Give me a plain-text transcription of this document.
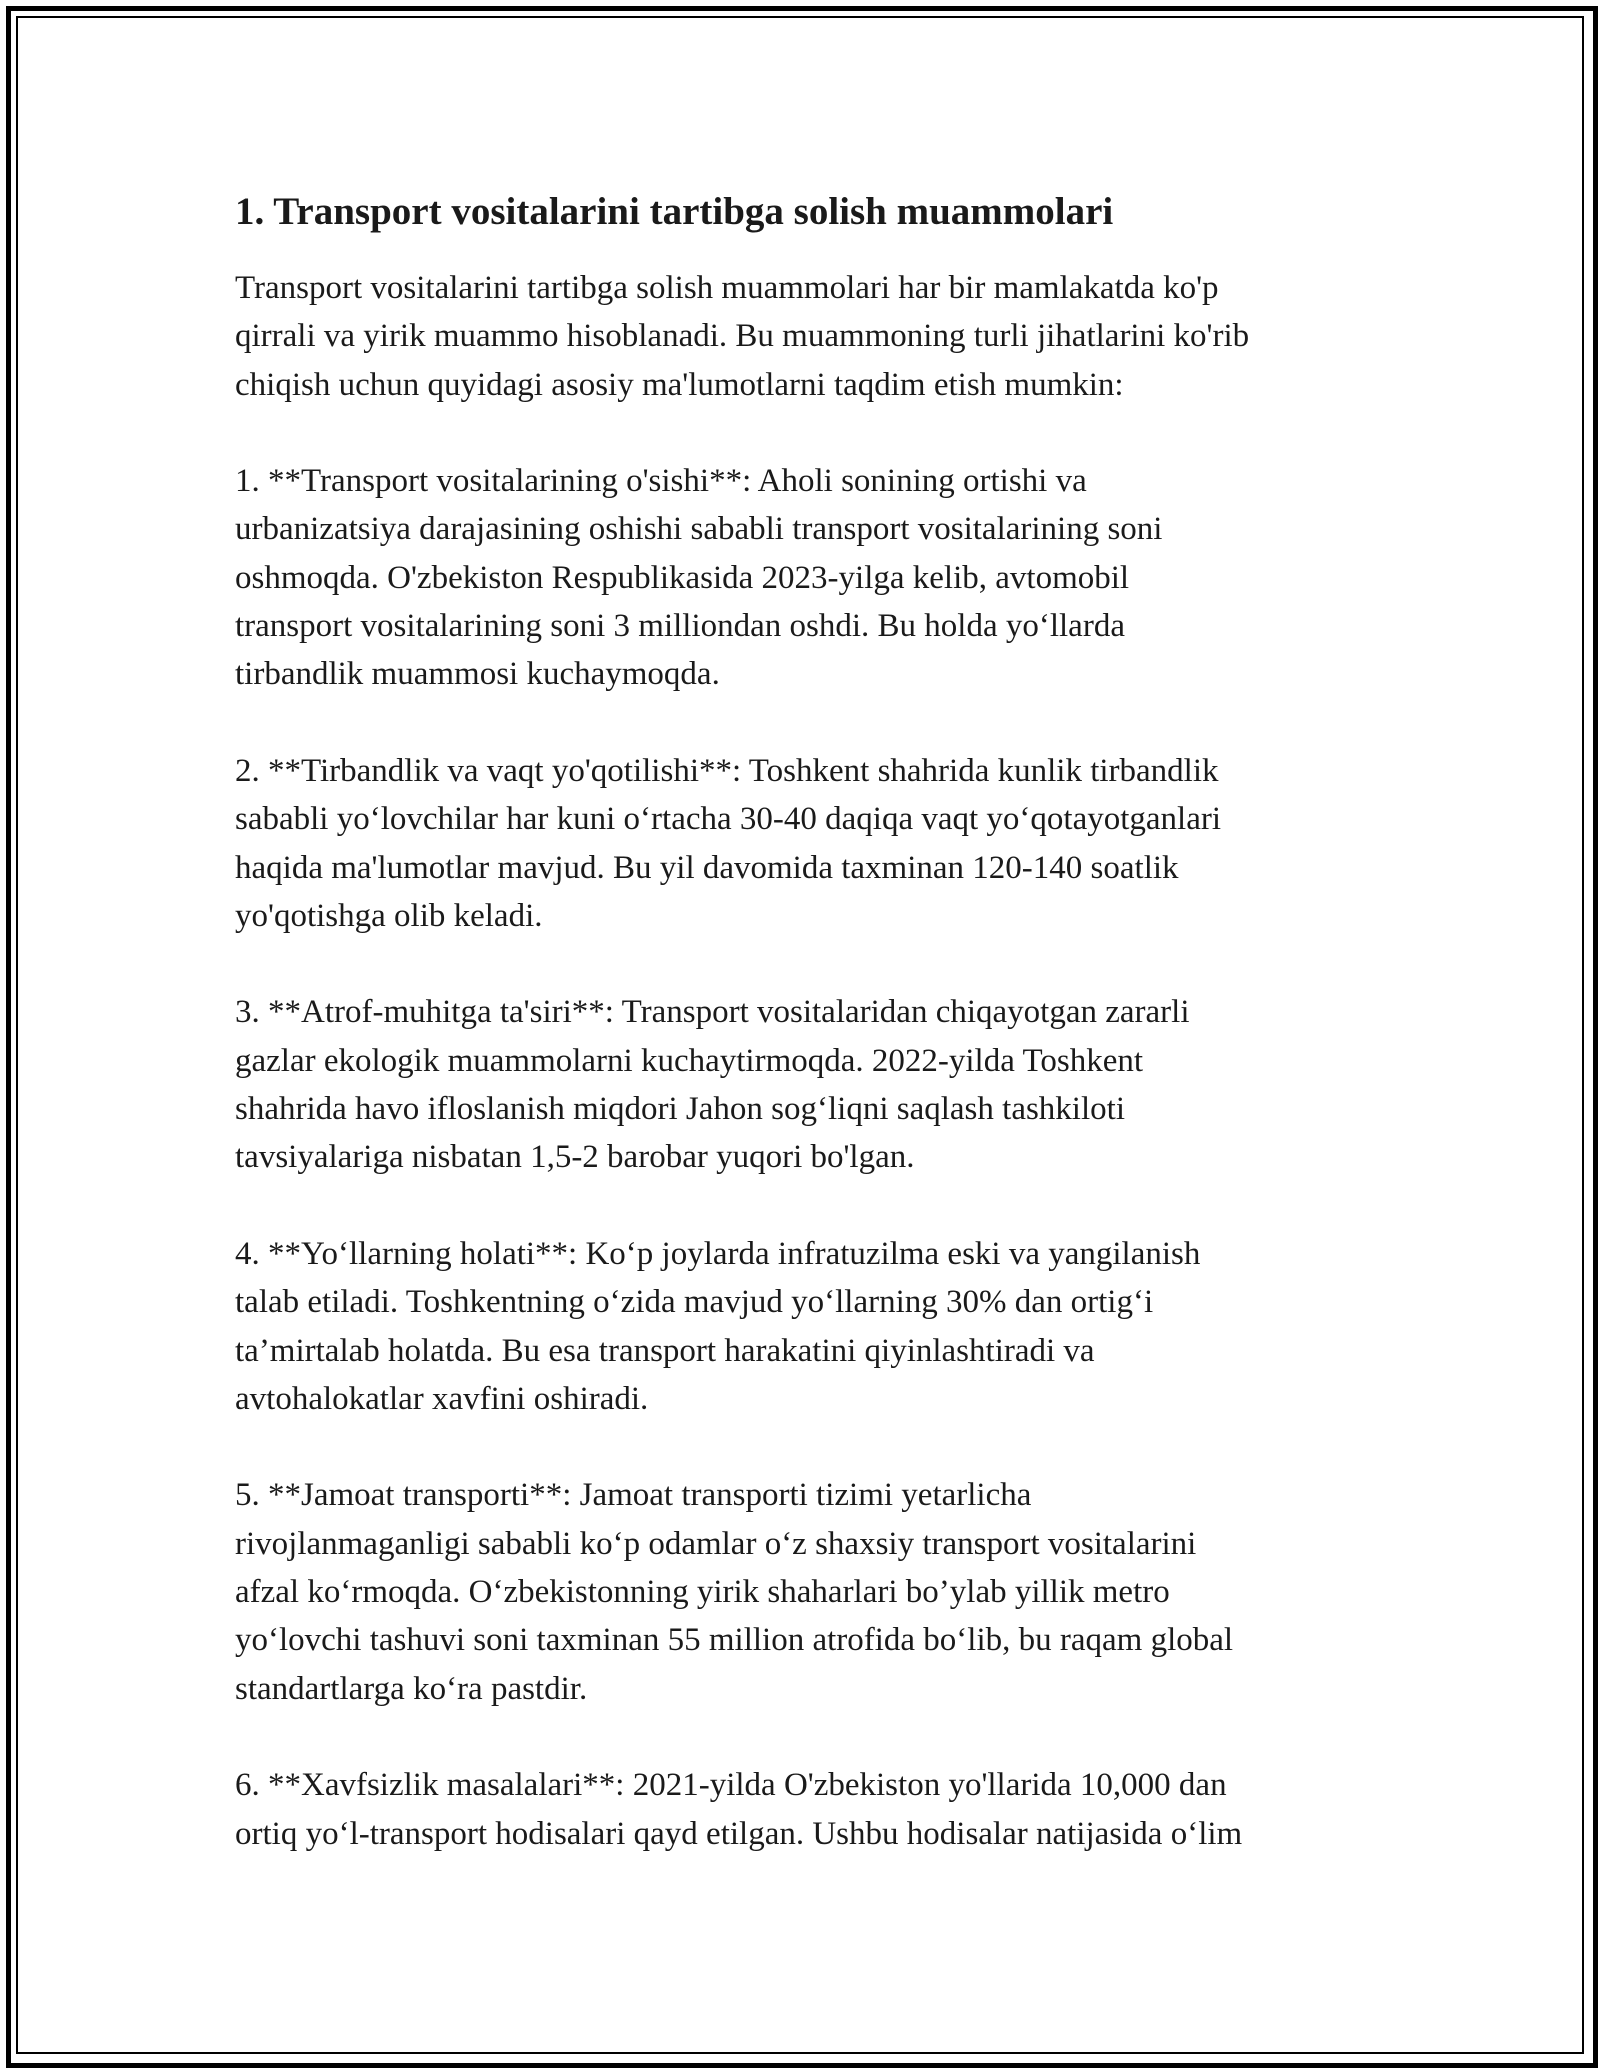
1. Transport vositalarini tartibga solish muammolari

Transport vositalarini tartibga solish muammolari har bir mamlakatda ko'p
qirrali va yirik muammo hisoblanadi. Bu muammoning turli jihatlarini ko'rib
chiqish uchun quyidagi asosiy ma'lumotlarni taqdim etish mumkin:

1. **Transport vositalarining o'sishi**: Aholi sonining ortishi va
urbanizatsiya darajasining oshishi sababli transport vositalarining soni
oshmoqda. O'zbekiston Respublikasida 2023-yilga kelib, avtomobil
transport vositalarining soni 3 milliondan oshdi. Bu holda yo‘llarda
tirbandlik muammosi kuchaymoqda.

2. **Tirbandlik va vaqt yo'qotilishi**: Toshkent shahrida kunlik tirbandlik
sababli yo‘lovchilar har kuni o‘rtacha 30-40 daqiqa vaqt yo‘qotayotganlari
haqida ma'lumotlar mavjud. Bu yil davomida taxminan 120-140 soatlik
yo'qotishga olib keladi.

3. **Atrof-muhitga ta'siri**: Transport vositalaridan chiqayotgan zararli
gazlar ekologik muammolarni kuchaytirmoqda. 2022-yilda Toshkent
shahrida havo ifloslanish miqdori Jahon sog‘liqni saqlash tashkiloti
tavsiyalariga nisbatan 1,5-2 barobar yuqori bo'lgan.

4. **Yo‘llarning holati**: Ko‘p joylarda infratuzilma eski va yangilanish
talab etiladi. Toshkentning o‘zida mavjud yo‘llarning 30% dan ortig‘i
ta’mirtalab holatda. Bu esa transport harakatini qiyinlashtiradi va
avtohalokatlar xavfini oshiradi.

5. **Jamoat transporti**: Jamoat transporti tizimi yetarlicha
rivojlanmaganligi sababli ko‘p odamlar o‘z shaxsiy transport vositalarini
afzal ko‘rmoqda. O‘zbekistonning yirik shaharlari bo’ylab yillik metro
yo‘lovchi tashuvi soni taxminan 55 million atrofida bo‘lib, bu raqam global
standartlarga ko‘ra pastdir.

6. **Xavfsizlik masalalari**: 2021-yilda O'zbekiston yo'llarida 10,000 dan
ortiq yo‘l-transport hodisalari qayd etilgan. Ushbu hodisalar natijasida o‘lim
